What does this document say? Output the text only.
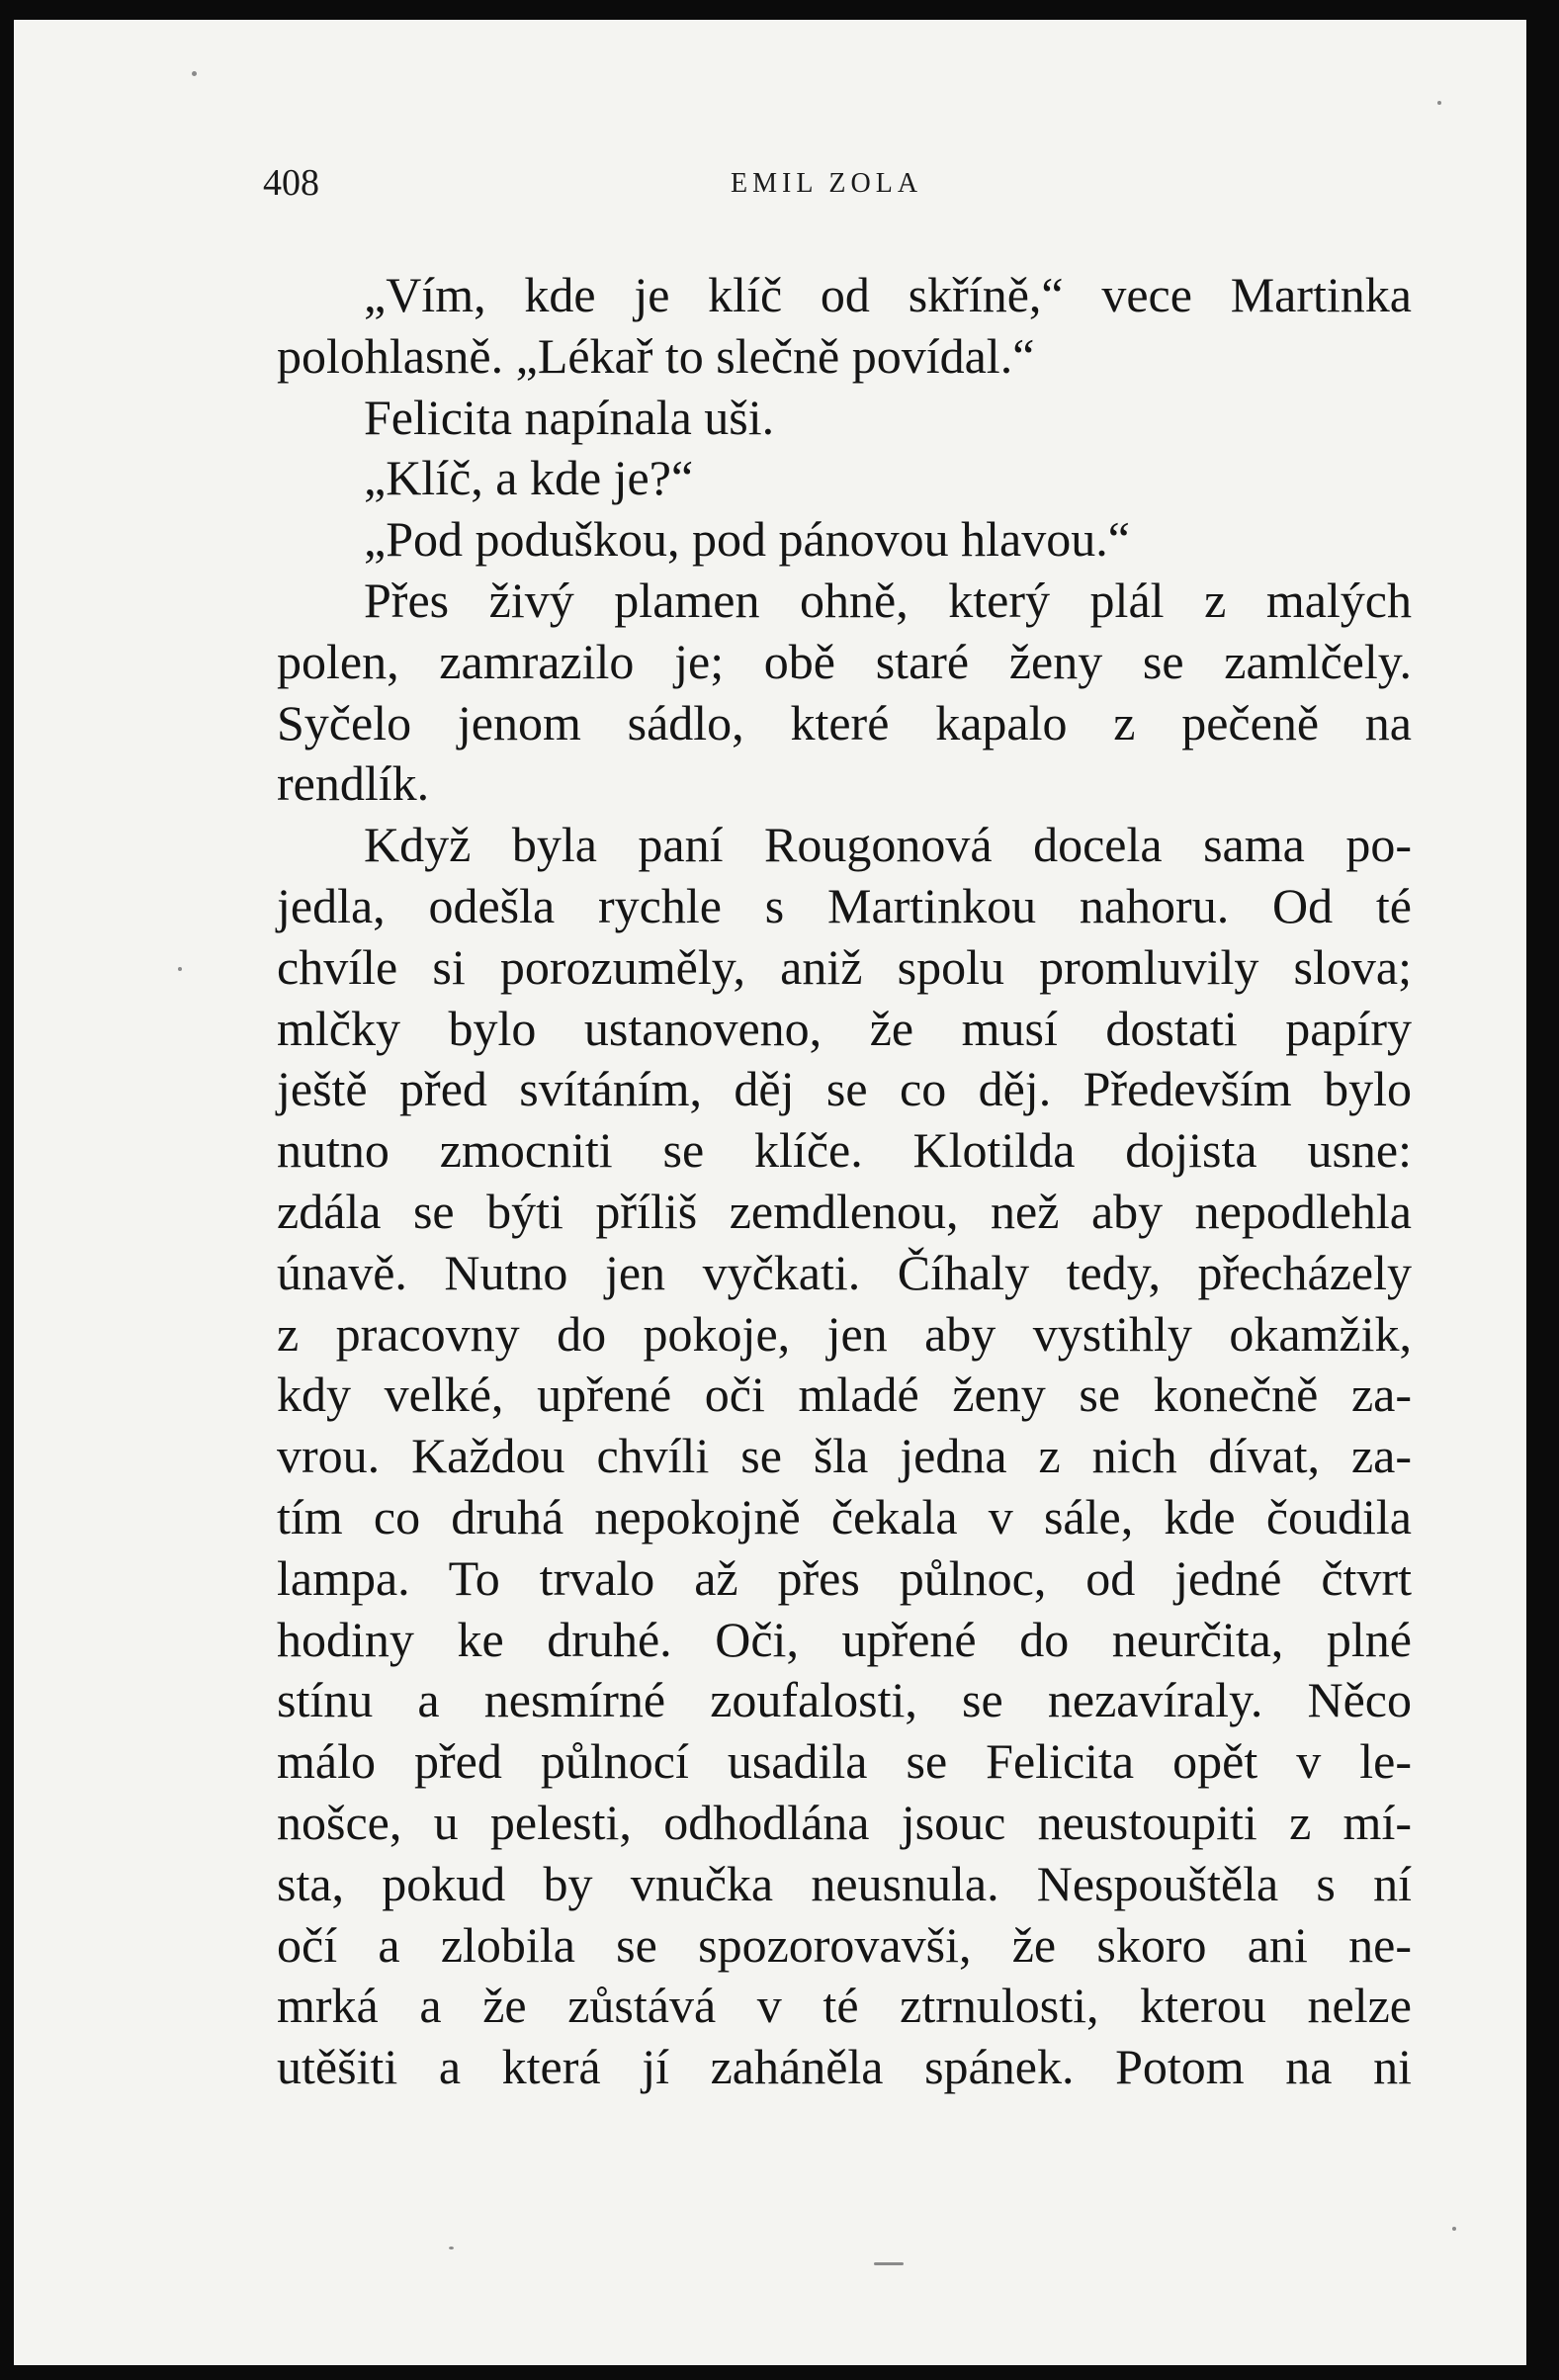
408	EMIL ZOLA
„Vím, kde je klíč od skříně,“ vece Martinka
polohlasně. „Lékař to slečně povídal.“
Felicita napínala uši.
„Klíč, a kde je?“
„Pod poduškou, pod pánovou hlavou.“
Přes živý plamen ohně, který plál z malých
polen, zamrazilo je; obě staré ženy se zamlčely.
Syčelo jenom sádlo, které kapalo z pečeně na
rendlík.
Když byla paní Rougonová docela sama po-
jedla, odešla rychle s Martinkou nahoru. Od té
chvíle si porozuměly, aniž spolu promluvily slova;
mlčky bylo ustanoveno, že musí dostati papíry
ještě před svítáním, děj se co děj. Především bylo
nutno zmocniti se klíče. Klotilda dojista usne:
zdála se býti příliš zemdlenou, než aby nepodlehla
únavě. Nutno jen vyčkati. Číhaly tedy, přecházely
z pracovny do pokoje, jen aby vystihly okamžik,
kdy velké, upřené oči mladé ženy se konečně za-
vrou. Každou chvíli se šla jedna z nich dívat, za-
tím co druhá nepokojně čekala v sále, kde čoudila
lampa. To trvalo až přes půlnoc, od jedné čtvrt
hodiny ke druhé. Oči, upřené do neurčita, plné
stínu a nesmírné zoufalosti, se nezavíraly. Něco
málo před půlnocí usadila se Felicita opět v le-
nošce, u pelesti, odhodlána jsouc neustoupiti z mí-
sta, pokud by vnučka neusnula. Nespouštěla s ní
očí a zlobila se spozorovavši, že skoro ani ne-
mrká a že zůstává v té ztrnulosti, kterou nelze
utěšiti a která jí zaháněla spánek. Potom na ni
